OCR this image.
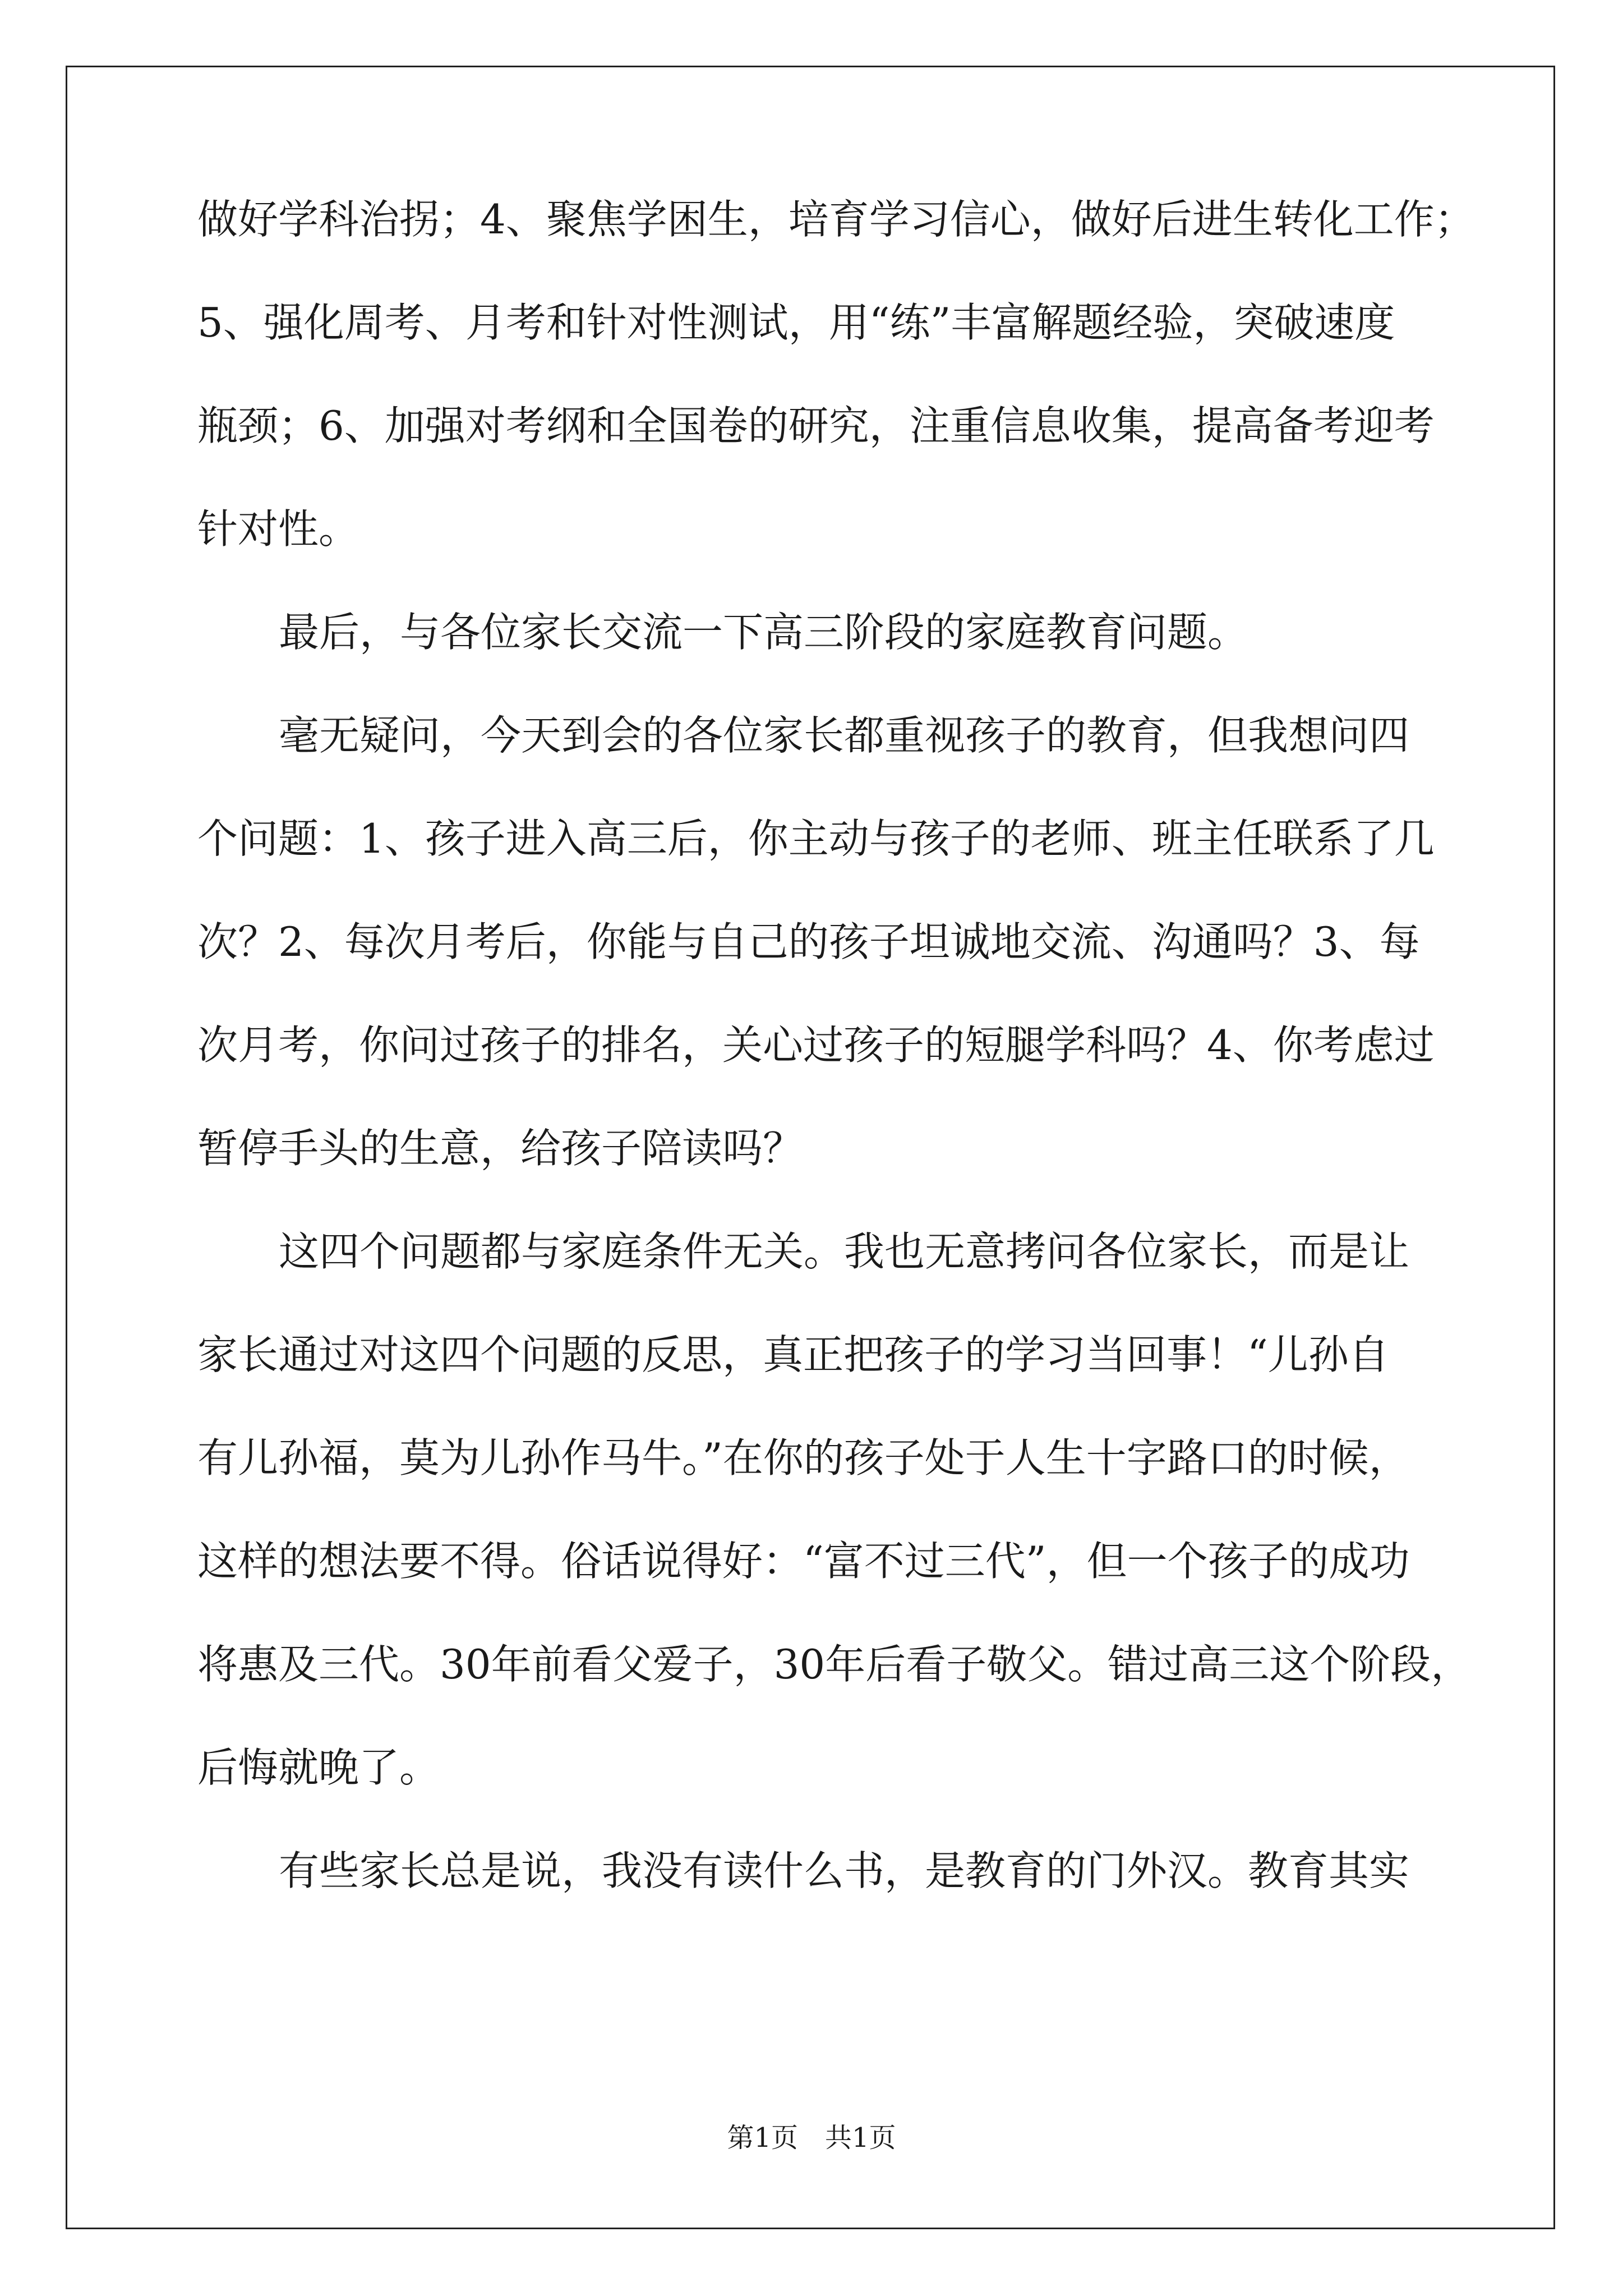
做好学科治拐；4、聚焦学困生，培育学习信心，做好后进生转化工作；
5、强化周考、月考和针对性测试，用“练”丰富解题经验，突破速度
瓶颈；6、加强对考纲和全国卷的研究，注重信息收集，提高备考迎考
针对性。
最后，与各位家长交流一下高三阶段的家庭教育问题。
毫无疑问，今天到会的各位家长都重视孩子的教育，但我想问四
个问题：1、孩子进入高三后，你主动与孩子的老师、班主任联系了几
次？2、每次月考后，你能与自己的孩子坦诚地交流、沟通吗？3、每
次月考，你问过孩子的排名，关心过孩子的短腿学科吗？4、你考虑过
暂停手头的生意，给孩子陪读吗？
这四个问题都与家庭条件无关。我也无意拷问各位家长，而是让
家长通过对这四个问题的反思，真正把孩子的学习当回事！“儿孙自
有儿孙福，莫为儿孙作马牛。”在你的孩子处于人生十字路口的时候，
这样的想法要不得。俗话说得好：“富不过三代”，但一个孩子的成功
将惠及三代。30年前看父爱子，30年后看子敬父。错过高三这个阶段，
后悔就晚了。
有些家长总是说，我没有读什么书，是教育的门外汉。教育其实
第1页　共1页
